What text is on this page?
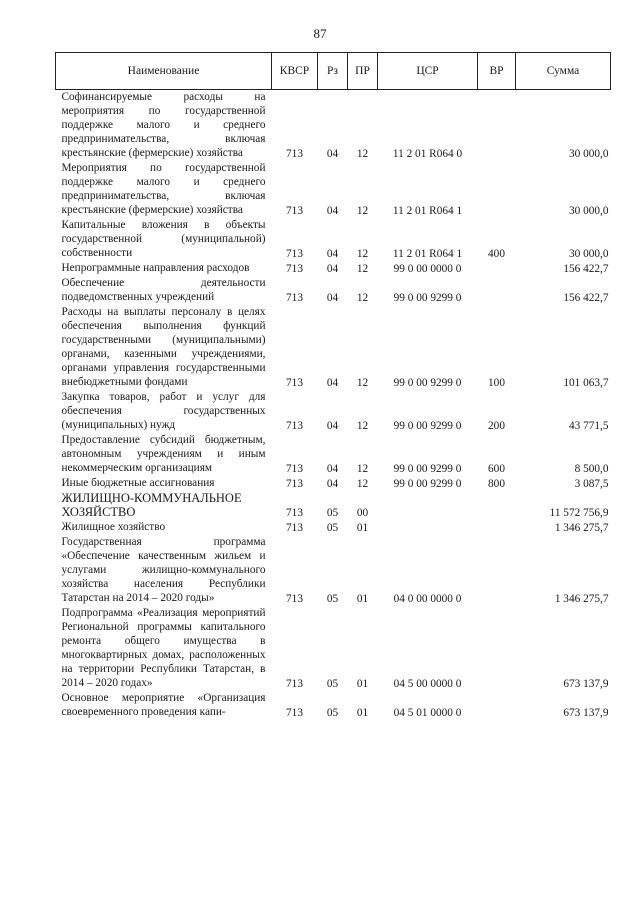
87
Наименование	КВСР	Рз	ПР	ЦСР	ВР	Сумма
Софинансируемые расходы на мероприятия по государственной поддержке малого и среднего предпринимательства, включая крестьянские (фермерские) хозяйства	713	04	12	11 2 01 R064 0		30 000,0
Мероприятия по государственной поддержке малого и среднего предпринимательства, включая крестьянские (фермерские) хозяйства	713	04	12	11 2 01 R064 1		30 000,0
Капитальные вложения в объекты государственной (муниципальной) собственности	713	04	12	11 2 01 R064 1	400	30 000,0
Непрограммные направления расходов	713	04	12	99 0 00 0000 0		156 422,7
Обеспечение деятельности подведомственных учреждений	713	04	12	99 0 00 9299 0		156 422,7
Расходы на выплаты персоналу в целях обеспечения выполнения функций государственными (муниципальными) органами, казенными учреждениями, органами управления государственными внебюджетными фондами	713	04	12	99 0 00 9299 0	100	101 063,7
Закупка товаров, работ и услуг для обеспечения государственных (муниципальных) нужд	713	04	12	99 0 00 9299 0	200	43 771,5
Предоставление субсидий бюджетным, автономным учреждениям и иным некоммерческим организациям	713	04	12	99 0 00 9299 0	600	8 500,0
Иные бюджетные ассигнования	713	04	12	99 0 00 9299 0	800	3 087,5
ЖИЛИЩНО-КОММУНАЛЬНОЕ ХОЗЯЙСТВО	713	05	00			11 572 756,9
Жилищное хозяйство	713	05	01			1 346 275,7
Государственная программа «Обеспечение качественным жильем и услугами жилищно-коммунального хозяйства населения Республики Татарстан на 2014 – 2020 годы»	713	05	01	04 0 00 0000 0		1 346 275,7
Подпрограмма «Реализация мероприятий Региональной программы капитального ремонта общего имущества в многоквартирных домах, расположенных на территории Республики Татарстан, в 2014 – 2020 годах»	713	05	01	04 5 00 0000 0		673 137,9
Основное мероприятие «Организация своевременного проведения капи-	713	05	01	04 5 01 0000 0		673 137,9
